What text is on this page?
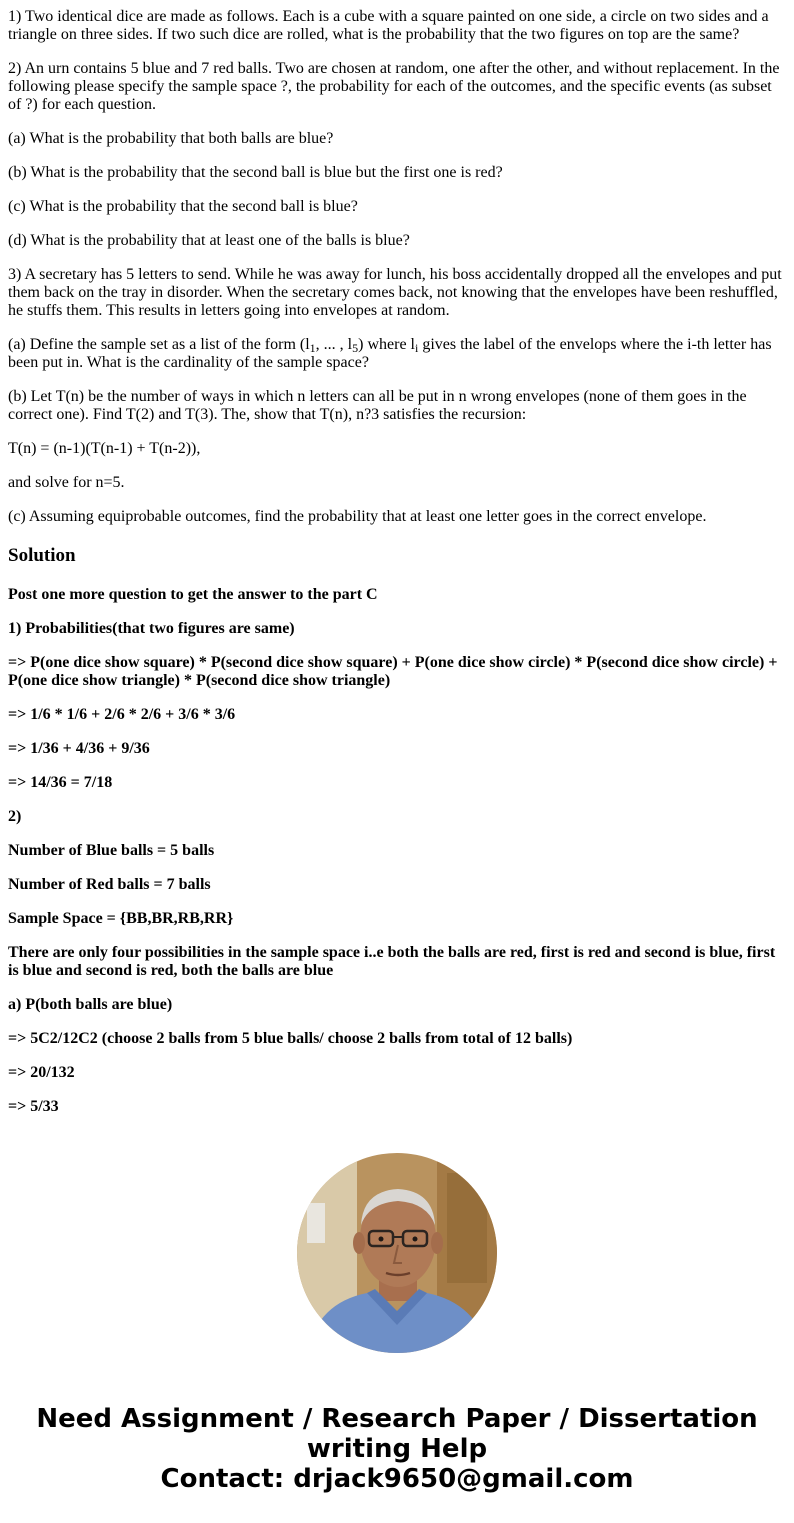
1) Two identical dice are made as follows. Each is a cube with a square painted on one side, a circle on two sides and a triangle on three sides. If two such dice are rolled, what is the probability that the two figures on top are the same?

2) An urn contains 5 blue and 7 red balls. Two are chosen at random, one after the other, and without replacement. In the following please specify the sample space ?, the probability for each of the outcomes, and the specific events (as subset of ?) for each question.

(a) What is the probability that both balls are blue?

(b) What is the probability that the second ball is blue but the first one is red?

(c) What is the probability that the second ball is blue?

(d) What is the probability that at least one of the balls is blue?

3) A secretary has 5 letters to send. While he was away for lunch, his boss accidentally dropped all the envelopes and put them back on the tray in disorder. When the secretary comes back, not knowing that the envelopes have been reshuffled, he stuffs them. This results in letters going into envelopes at random.

(a) Define the sample set as a list of the form ($l_1$, ... , $l_5$) where $l_i$ gives the label of the envelops where the i-th letter has been put in. What is the cardinality of the sample space?

(b) Let T(n) be the number of ways in which n letters can all be put in n wrong envelopes (none of them goes in the correct one). Find T(2) and T(3). The, show that T(n), n?3 satisfies the recursion:

T(n) = (n-1)(T(n-1) + T(n-2)),

and solve for n=5.

(c) Assuming equiprobable outcomes, find the probability that at least one letter goes in the correct envelope.

Solution

Post one more question to get the answer to the part C

1) Probabilities(that two figures are same)

=> P(one dice show square) * P(second dice show square) + P(one dice show circle) * P(second dice show circle) + P(one dice show triangle) * P(second dice show triangle)

=> 1/6 * 1/6 + 2/6 * 2/6 + 3/6 * 3/6

=> 1/36 + 4/36 + 9/36

=> 14/36 = 7/18

2)

Number of Blue balls = 5 balls

Number of Red balls = 7 balls

Sample Space = {BB,BR,RB,RR}

There are only four possibilities in the sample space i..e both the balls are red, first is red and second is blue, first is blue and second is red, both the balls are blue

a) P(both balls are blue)

=> 5C2/12C2 (choose 2 balls from 5 blue balls/ choose 2 balls from total of 12 balls)

=> 20/132

=> 5/33

Need Assignment / Research Paper / Dissertation
writing Help
Contact: drjack9650@gmail.com
